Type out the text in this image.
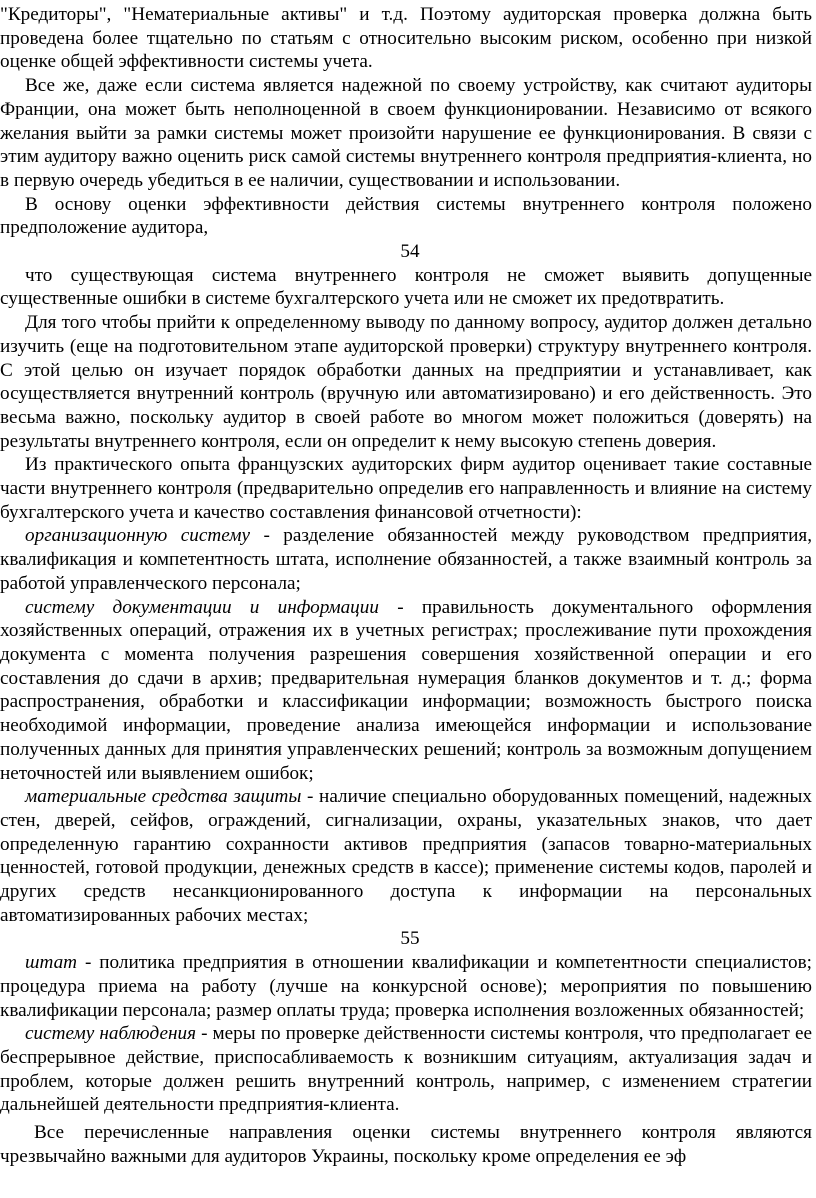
"Кредиторы", "Нематериальные активы" и т.д. Поэтому аудиторская проверка должна быть проведена более тщательно по статьям с относительно высоким риском, особенно при низкой оценке общей эффективности системы учета.

Все же, даже если система является надежной по своему устройству, как считают аудиторы Франции, она может быть неполноценной в своем функционировании. Независимо от всякого желания выйти за рамки системы может произойти нарушение ее функционирования. В связи с этим аудитору важно оценить риск самой системы внутреннего контроля предприятия-клиента, но в первую очередь убедиться в ее наличии, существовании и использовании.

В основу оценки эффективности действия системы внутреннего контроля положено предположение аудитора,

54

что существующая система внутреннего контроля не сможет выявить допущенные существенные ошибки в системе бухгалтерского учета или не сможет их предотвратить.

Для того чтобы прийти к определенному выводу по данному вопросу, аудитор должен детально изучить (еще на подготовительном этапе аудиторской проверки) структуру внутреннего контроля. С этой целью он изучает порядок обработки данных на предприятии и устанавливает, как осуществляется внутренний контроль (вручную или автоматизировано) и его действенность. Это весьма важно, поскольку аудитор в своей работе во многом может положиться (доверять) на результаты внутреннего контроля, если он определит к нему высокую степень доверия.

Из практического опыта французских аудиторских фирм аудитор оценивает такие составные части внутреннего контроля (предварительно определив его направленность и влияние на систему бухгалтерского учета и качество составления финансовой отчетности):

организационную систему - разделение обязанностей между руководством предприятия, квалификация и компетентность штата, исполнение обязанностей, а также взаимный контроль за работой управленческого персонала;

систему документации и информации - правильность документального оформления хозяйственных операций, отражения их в учетных регистрах; прослеживание пути прохождения документа с момента получения разрешения совершения хозяйственной операции и его составления до сдачи в архив; предварительная нумерация бланков документов и т. д.; форма распространения, обработки и классификации информации; возможность быстрого поиска необходимой информации, проведение анализа имеющейся информации и использование полученных данных для принятия управленческих решений; контроль за возможным допущением неточностей или выявлением ошибок;

материальные средства защиты - наличие специально оборудованных помещений, надежных стен, дверей, сейфов, ограждений, сигнализации, охраны, указательных знаков, что дает определенную гарантию сохранности активов предприятия (запасов товарно-материальных ценностей, готовой продукции, денежных средств в кассе); применение системы кодов, паролей и других средств несанкционированного доступа к информации на персональных автоматизированных рабочих местах;

55

штат - политика предприятия в отношении квалификации и компетентности специалистов; процедура приема на работу (лучше на конкурсной основе); мероприятия по повышению квалификации персонала; размер оплаты труда; проверка исполнения возложенных обязанностей;

систему наблюдения - меры по проверке действенности системы контроля, что предполагает ее беспрерывное действие, приспосабливаемость к возникшим ситуациям, актуализация задач и проблем, которые должен решить внутренний контроль, например, с изменением стратегии дальнейшей деятельности предприятия-клиента.

Все перечисленные направления оценки системы внутреннего контроля являются чрезвычайно важными для аудиторов Украины, поскольку кроме определения ее эф
